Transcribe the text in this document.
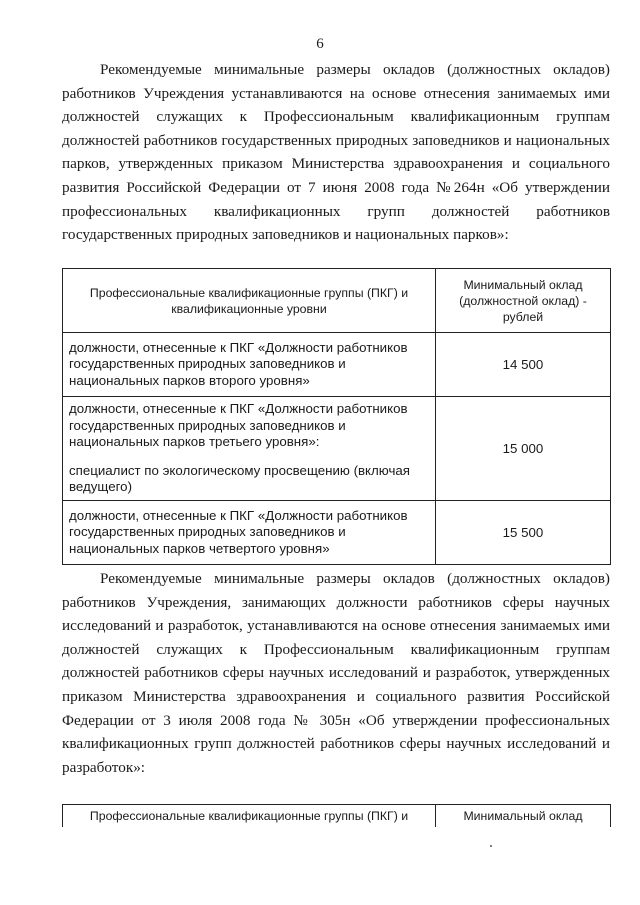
6

Рекомендуемые минимальные размеры окладов (должностных окладов)
работников Учреждения устанавливаются на основе отнесения занимаемых ими
должностей служащих к Профессиональным квалификационным группам
должностей работников государственных природных заповедников и национальных
парков, утвержденных приказом Министерства здравоохранения и социального
развития Российской Федерации от 7 июня 2008 года №264н «Об утверждении
профессиональных квалификационных групп должностей работников
государственных природных заповедников и национальных парков»:

Профессиональные квалификационные группы (ПКГ) и квалификационные уровни	Минимальный оклад (должностной оклад) - рублей
должности, отнесенные к ПКГ «Должности работников государственных природных заповедников и национальных парков второго уровня»	14 500

должности, отнесенные к ПКГ «Должности работников государственных природных заповедников и национальных парков третьего уровня»:
специалист по экологическому просвещению (включая ведущего)	15 000
должности, отнесенные к ПКГ «Должности работников государственных природных заповедников и национальных парков четвертого уровня»	15 500

Рекомендуемые минимальные размеры окладов (должностных окладов)
работников Учреждения, занимающих должности работников сферы научных
исследований и разработок, устанавливаются на основе отнесения занимаемых ими
должностей служащих к Профессиональным квалификационным группам
должностей работников сферы научных исследований и разработок, утвержденных
приказом Министерства здравоохранения и социального развития Российской
Федерации от 3 июля 2008 года № 305н «Об утверждении профессиональных
квалификационных групп должностей работников сферы научных исследований и
разработок»:

Профессиональные квалификационные группы (ПКГ) и	Минимальный оклад
